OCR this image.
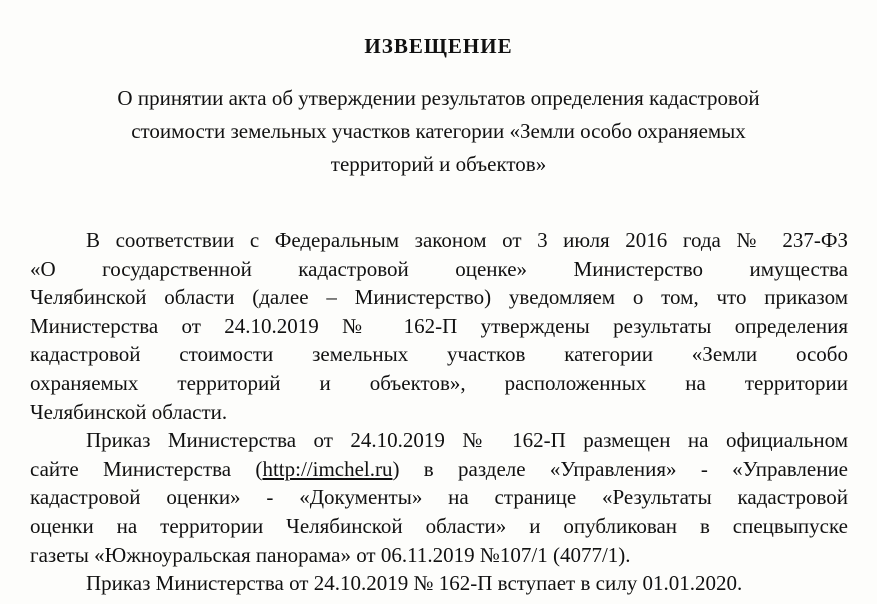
ИЗВЕЩЕНИЕ
О принятии акта об утверждении результатов определения кадастровой
стоимости земельных участков категории «Земли особо охраняемых
территорий и объектов»

В соответствии с Федеральным законом от 3 июля 2016 года № 237-ФЗ
«О государственной кадастровой оценке» Министерство имущества
Челябинской области (далее – Министерство) уведомляем о том, что приказом
Министерства от 24.10.2019 № 162-П утверждены результаты определения
кадастровой стоимости земельных участков категории «Земли особо
охраняемых территорий и объектов», расположенных на территории
Челябинской области.

Приказ Министерства от 24.10.2019 № 162-П размещен на официальном
сайте Министерства (http://imchel.ru) в разделе «Управления» - «Управление
кадастровой оценки» - «Документы» на странице «Результаты кадастровой
оценки на территории Челябинской области» и опубликован в спецвыпуске
газеты «Южноуральская панорама» от 06.11.2019 №107/1 (4077/1).

Приказ Министерства от 24.10.2019 № 162-П вступает в силу 01.01.2020.
